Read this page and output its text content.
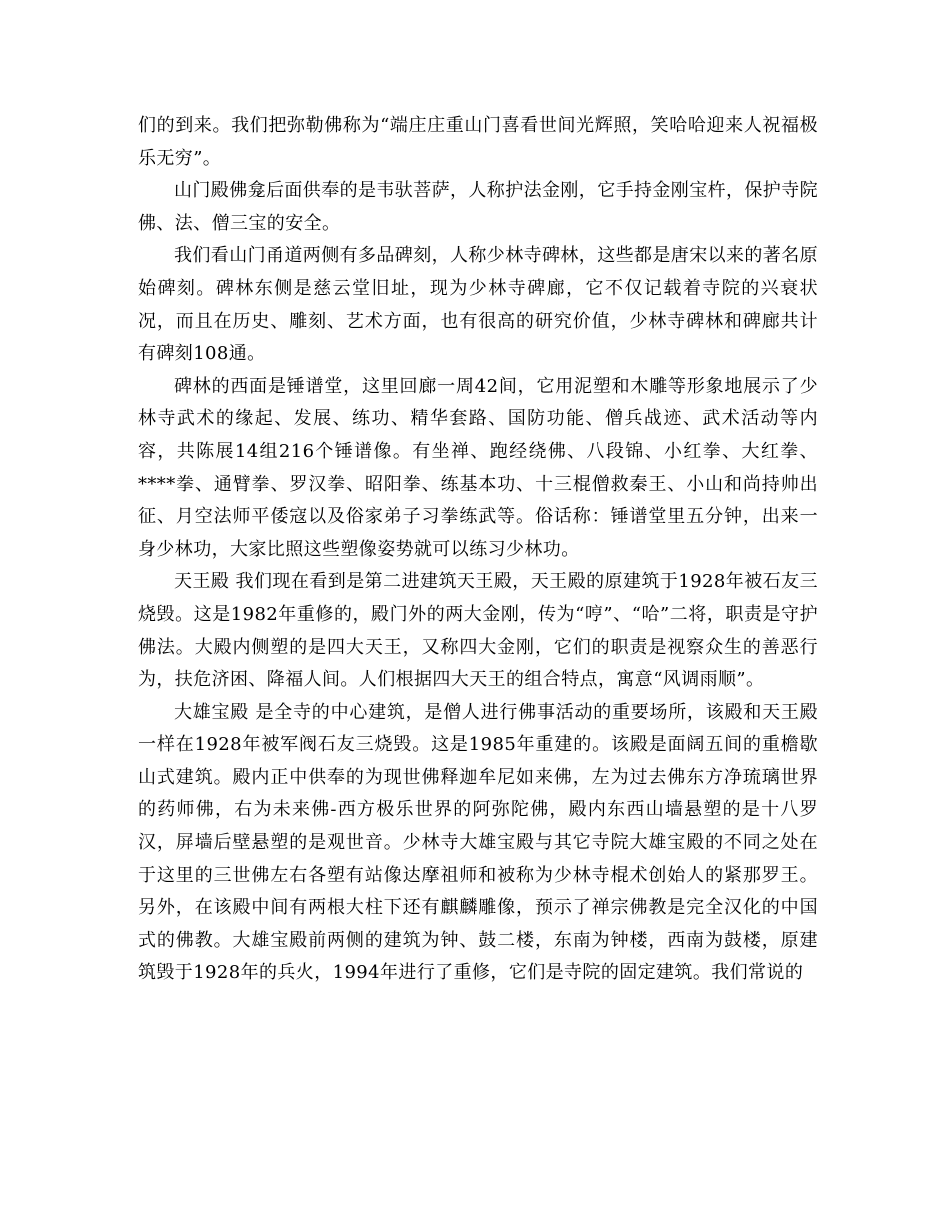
们的到来。我们把弥勒佛称为“端庄庄重山门喜看世间光辉照，笑哈哈迎来人祝福极乐无穷”。

山门殿佛龛后面供奉的是韦驮菩萨，人称护法金刚，它手持金刚宝杵，保护寺院佛、法、僧三宝的安全。

我们看山门甬道两侧有多品碑刻，人称少林寺碑林，这些都是唐宋以来的著名原始碑刻。碑林东侧是慈云堂旧址，现为少林寺碑廊，它不仅记载着寺院的兴衰状况，而且在历史、雕刻、艺术方面，也有很高的研究价值，少林寺碑林和碑廊共计有碑刻108通。

碑林的西面是锤谱堂，这里回廊一周42间，它用泥塑和木雕等形象地展示了少林寺武术的缘起、发展、练功、精华套路、国防功能、僧兵战迹、武术活动等内容，共陈展14组216个锤谱像。有坐禅、跑经绕佛、八段锦、小红拳、大红拳、****拳、通臂拳、罗汉拳、昭阳拳、练基本功、十三棍僧救秦王、小山和尚持帅出征、月空法师平倭寇以及俗家弟子习拳练武等。俗话称：锤谱堂里五分钟，出来一身少林功，大家比照这些塑像姿势就可以练习少林功。

天王殿 我们现在看到是第二进建筑天王殿，天王殿的原建筑于1928年被石友三烧毁。这是1982年重修的，殿门外的两大金刚，传为“哼”、“哈”二将，职责是守护佛法。大殿内侧塑的是四大天王，又称四大金刚，它们的职责是视察众生的善恶行为，扶危济困、降福人间。人们根据四大天王的组合特点，寓意“风调雨顺”。

大雄宝殿 是全寺的中心建筑，是僧人进行佛事活动的重要场所，该殿和天王殿一样在1928年被军阀石友三烧毁。这是1985年重建的。该殿是面阔五间的重檐歇山式建筑。殿内正中供奉的为现世佛释迦牟尼如来佛，左为过去佛东方净琉璃世界的药师佛，右为未来佛-西方极乐世界的阿弥陀佛，殿内东西山墙悬塑的是十八罗汉，屏墙后壁悬塑的是观世音。少林寺大雄宝殿与其它寺院大雄宝殿的不同之处在于这里的三世佛左右各塑有站像达摩祖师和被称为少林寺棍术创始人的紧那罗王。另外，在该殿中间有两根大柱下还有麒麟雕像，预示了禅宗佛教是完全汉化的中国式的佛教。大雄宝殿前两侧的建筑为钟、鼓二楼，东南为钟楼，西南为鼓楼，原建筑毁于1928年的兵火，1994年进行了重修，它们是寺院的固定建筑。我们常说的
